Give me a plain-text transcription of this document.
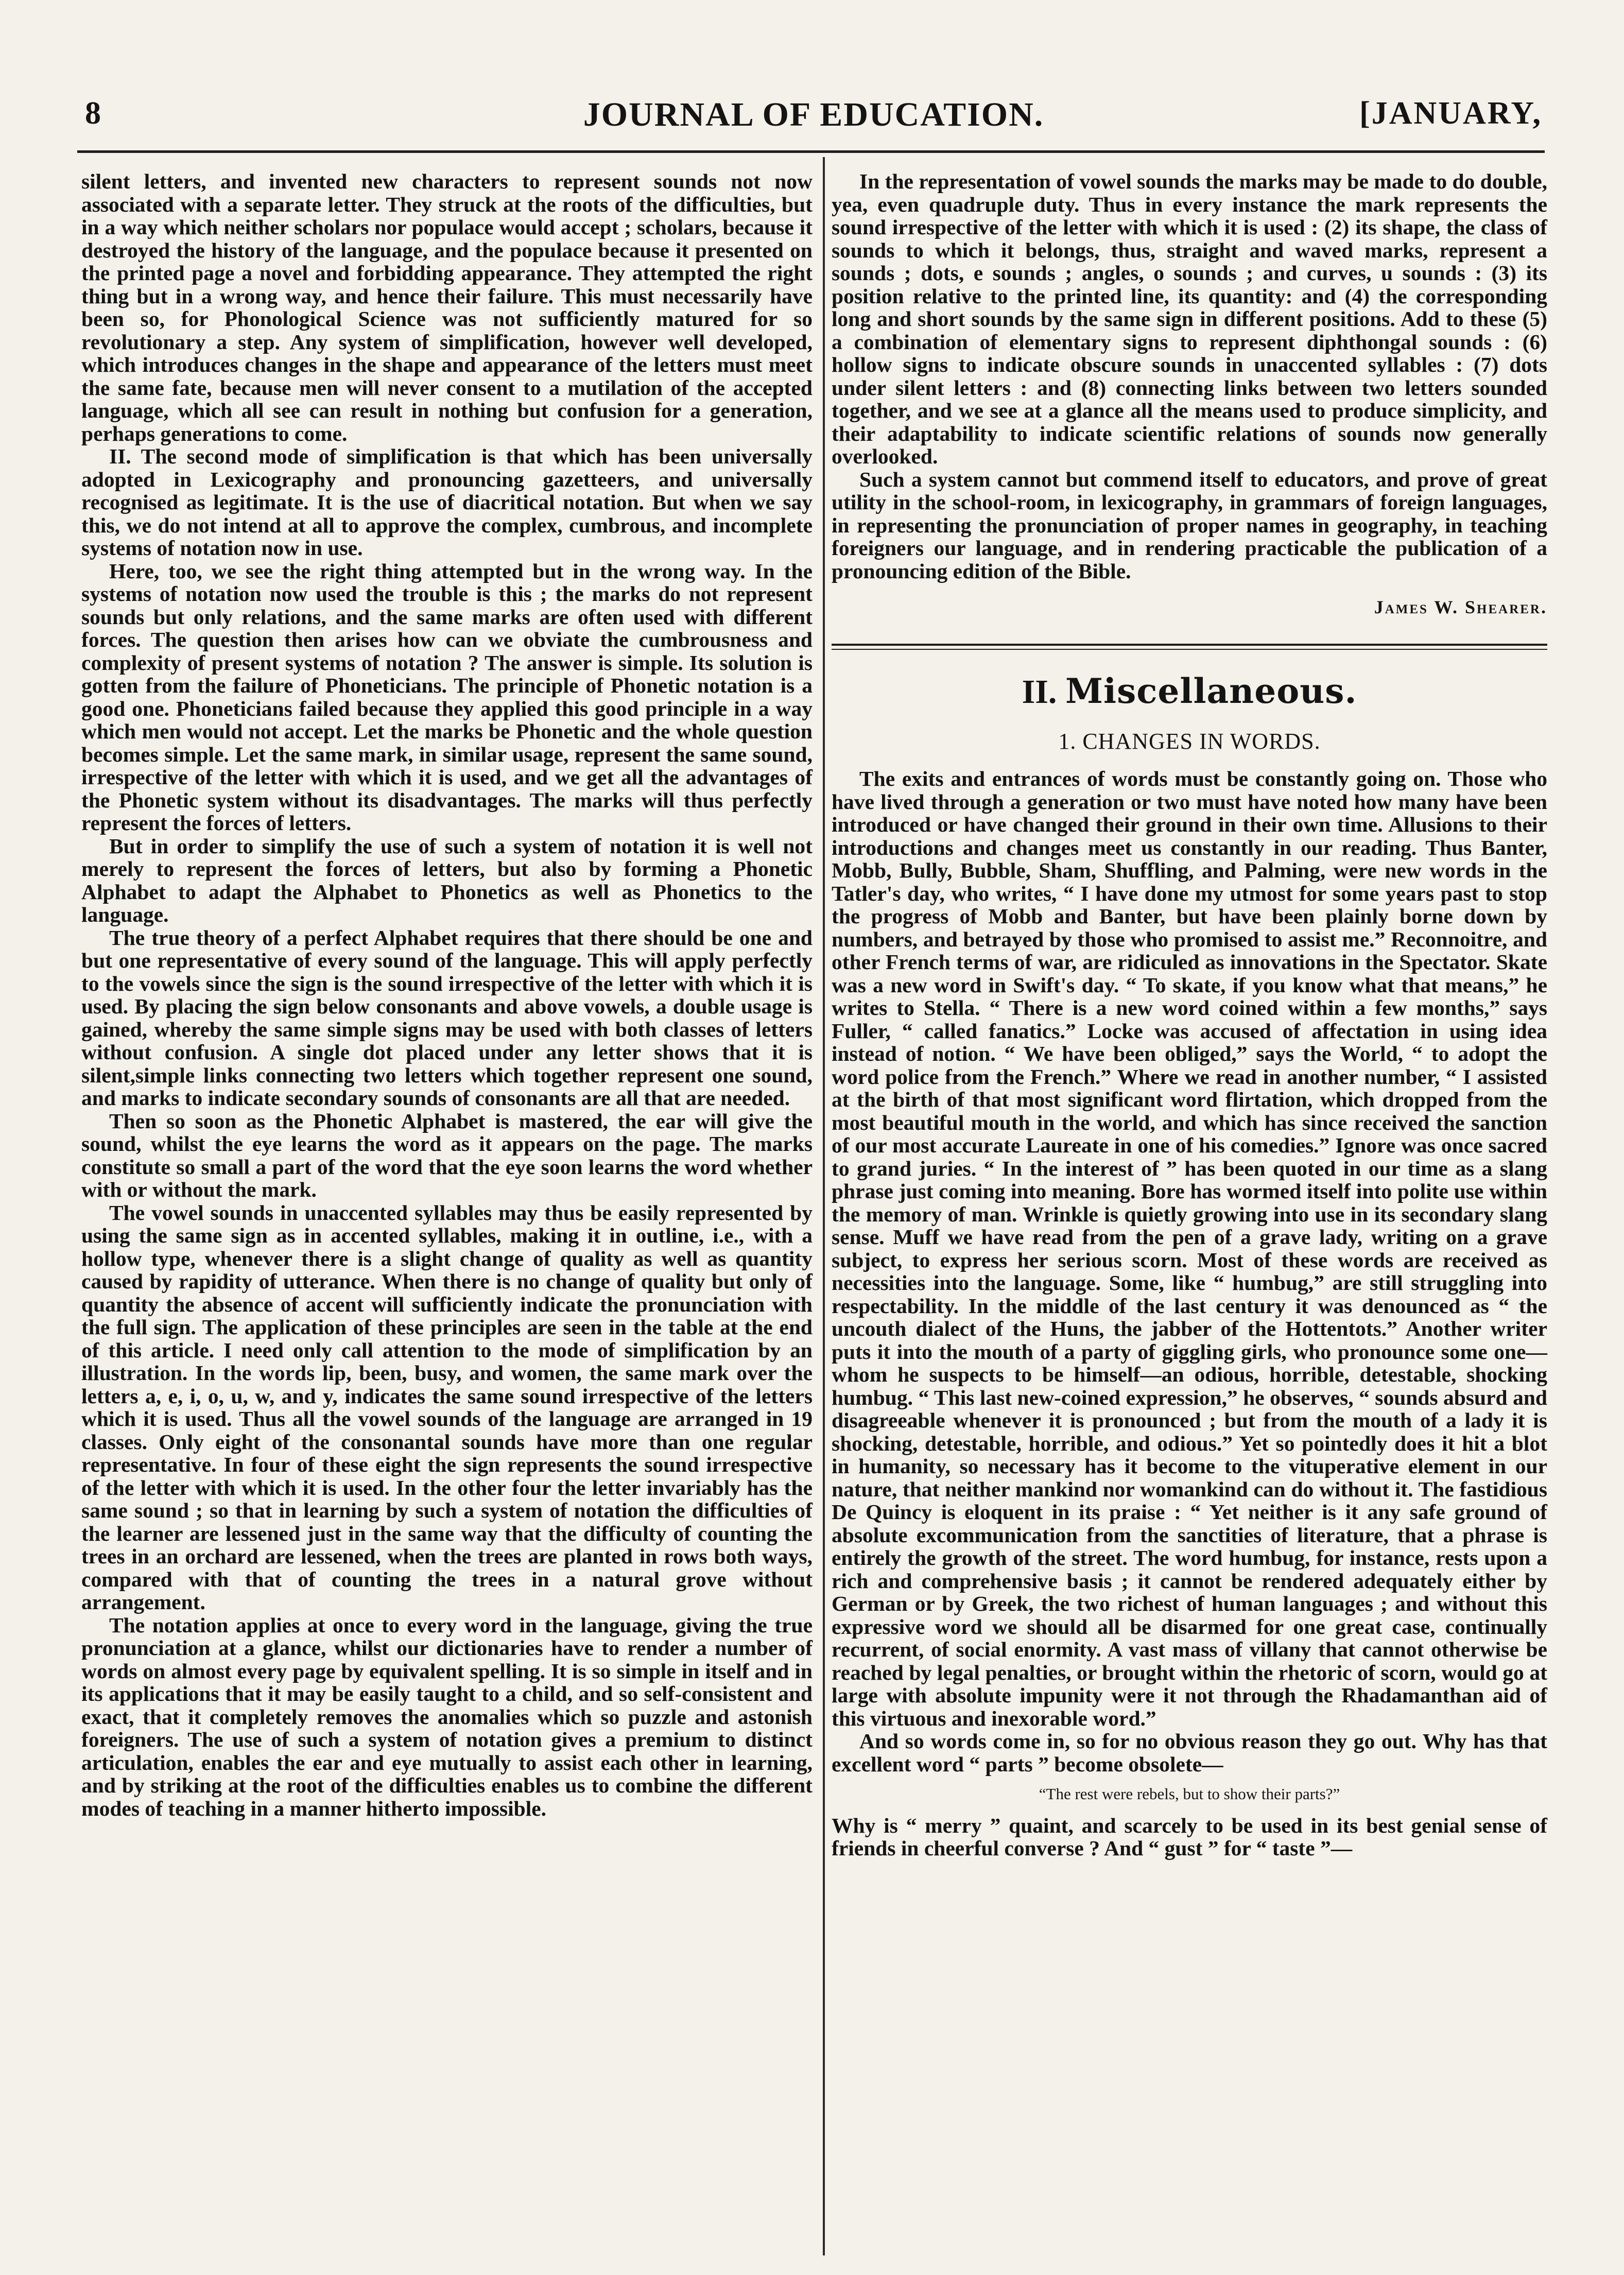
8	JOURNAL OF EDUCATION.	[JANUARY,

silent letters, and invented new characters to represent sounds not now associated with a separate letter. They struck at the roots of the difficulties, but in a way which neither scholars nor populace would accept ; scholars, because it destroyed the history of the language, and the populace because it presented on the printed page a novel and forbidding appearance. They attempted the right thing but in a wrong way, and hence their failure. This must necessarily have been so, for Phonological Science was not sufficiently matured for so revolutionary a step. Any system of simplification, however well developed, which introduces changes in the shape and appearance of the letters must meet the same fate, because men will never consent to a mutilation of the accepted language, which all see can result in nothing but confusion for a generation, perhaps generations to come.

II. The second mode of simplification is that which has been universally adopted in Lexicography and pronouncing gazetteers, and universally recognised as legitimate. It is the use of diacritical notation. But when we say this, we do not intend at all to approve the complex, cumbrous, and incomplete systems of notation now in use.

Here, too, we see the right thing attempted but in the wrong way. In the systems of notation now used the trouble is this ; the marks do not represent sounds but only relations, and the same marks are often used with different forces. The question then arises how can we obviate the cumbrousness and complexity of present systems of notation ? The answer is simple. Its solution is gotten from the failure of Phoneticians. The principle of Phonetic notation is a good one. Phoneticians failed because they applied this good principle in a way which men would not accept. Let the marks be Phonetic and the whole question becomes simple. Let the same mark, in similar usage, represent the same sound, irrespective of the letter with which it is used, and we get all the advantages of the Phonetic system without its disadvantages. The marks will thus perfectly represent the forces of letters.

But in order to simplify the use of such a system of notation it is well not merely to represent the forces of letters, but also by forming a Phonetic Alphabet to adapt the Alphabet to Phonetics as well as Phonetics to the language.

The true theory of a perfect Alphabet requires that there should be one and but one representative of every sound of the language. This will apply perfectly to the vowels since the sign is the sound irrespective of the letter with which it is used. By placing the sign below consonants and above vowels, a double usage is gained, whereby the same simple signs may be used with both classes of letters without confusion. A single dot placed under any letter shows that it is silent,simple links connecting two letters which together represent one sound, and marks to indicate secondary sounds of consonants are all that are needed.

Then so soon as the Phonetic Alphabet is mastered, the ear will give the sound, whilst the eye learns the word as it appears on the page. The marks constitute so small a part of the word that the eye soon learns the word whether with or without the mark.

The vowel sounds in unaccented syllables may thus be easily represented by using the same sign as in accented syllables, making it in outline, i.e., with a hollow type, whenever there is a slight change of quality as well as quantity caused by rapidity of utterance. When there is no change of quality but only of quantity the absence of accent will sufficiently indicate the pronunciation with the full sign. The application of these principles are seen in the table at the end of this article. I need only call attention to the mode of simplification by an illustration. In the words lip, been, busy, and women, the same mark over the letters a, e, i, o, u, w, and y, indicates the same sound irrespective of the letters which it is used. Thus all the vowel sounds of the language are arranged in 19 classes. Only eight of the consonantal sounds have more than one regular representative. In four of these eight the sign represents the sound irrespective of the letter with which it is used. In the other four the letter invariably has the same sound ; so that in learning by such a system of notation the difficulties of the learner are lessened just in the same way that the difficulty of counting the trees in an orchard are lessened, when the trees are planted in rows both ways, compared with that of counting the trees in a natural grove without arrangement.

The notation applies at once to every word in the language, giving the true pronunciation at a glance, whilst our dictionaries have to render a number of words on almost every page by equivalent spelling. It is so simple in itself and in its applications that it may be easily taught to a child, and so self-consistent and exact, that it completely removes the anomalies which so puzzle and astonish foreigners. The use of such a system of notation gives a premium to distinct articulation, enables the ear and eye mutually to assist each other in learning, and by striking at the root of the difficulties enables us to combine the different modes of teaching in a manner hitherto impossible.

In the representation of vowel sounds the marks may be made to do double, yea, even quadruple duty. Thus in every instance the mark represents the sound irrespective of the letter with which it is used : (2) its shape, the class of sounds to which it belongs, thus, straight and waved marks, represent a sounds ; dots, e sounds ; angles, o sounds ; and curves, u sounds : (3) its position relative to the printed line, its quantity: and (4) the corresponding long and short sounds by the same sign in different positions. Add to these (5) a combination of elementary signs to represent diphthongal sounds : (6) hollow signs to indicate obscure sounds in unaccented syllables : (7) dots under silent letters : and (8) connecting links between two letters sounded together, and we see at a glance all the means used to produce simplicity, and their adaptability to indicate scientific relations of sounds now generally overlooked.

Such a system cannot but commend itself to educators, and prove of great utility in the school-room, in lexicography, in grammars of foreign languages, in representing the pronunciation of proper names in geography, in teaching foreigners our language, and in rendering practicable the publication of a pronouncing edition of the Bible.

James W. Shearer.
II. Miscellaneous.
1. CHANGES IN WORDS.

The exits and entrances of words must be constantly going on. Those who have lived through a generation or two must have noted how many have been introduced or have changed their ground in their own time. Allusions to their introductions and changes meet us constantly in our reading. Thus Banter, Mobb, Bully, Bubble, Sham, Shuffling, and Palming, were new words in the Tatler's day, who writes, “ I have done my utmost for some years past to stop the progress of Mobb and Banter, but have been plainly borne down by numbers, and betrayed by those who promised to assist me.” Reconnoitre, and other French terms of war, are ridiculed as innovations in the Spectator. Skate was a new word in Swift's day. “ To skate, if you know what that means,” he writes to Stella. “ There is a new word coined within a few months,” says Fuller, “ called fanatics.” Locke was accused of affectation in using idea instead of notion. “ We have been obliged,” says the World, “ to adopt the word police from the French.” Where we read in another number, “ I assisted at the birth of that most significant word flirtation, which dropped from the most beautiful mouth in the world, and which has since received the sanction of our most accurate Laureate in one of his comedies.” Ignore was once sacred to grand juries. “ In the interest of ” has been quoted in our time as a slang phrase just coming into meaning. Bore has wormed itself into polite use within the memory of man. Wrinkle is quietly growing into use in its secondary slang sense. Muff we have read from the pen of a grave lady, writing on a grave subject, to express her serious scorn. Most of these words are received as necessities into the language. Some, like “ humbug,” are still struggling into respectability. In the middle of the last century it was denounced as “ the uncouth dialect of the Huns, the jabber of the Hottentots.” Another writer puts it into the mouth of a party of giggling girls, who pronounce some one—whom he suspects to be himself—an odious, horrible, detestable, shocking humbug. “ This last new-coined expression,” he observes, “ sounds absurd and disagreeable whenever it is pronounced ; but from the mouth of a lady it is shocking, detestable, horrible, and odious.” Yet so pointedly does it hit a blot in humanity, so necessary has it become to the vituperative element in our nature, that neither mankind nor womankind can do without it. The fastidious De Quincy is eloquent in its praise : “ Yet neither is it any safe ground of absolute excommunication from the sanctities of literature, that a phrase is entirely the growth of the street. The word humbug, for instance, rests upon a rich and comprehensive basis ; it cannot be rendered adequately either by German or by Greek, the two richest of human languages ; and without this expressive word we should all be disarmed for one great case, continually recurrent, of social enormity. A vast mass of villany that cannot otherwise be reached by legal penalties, or brought within the rhetoric of scorn, would go at large with absolute impunity were it not through the Rhadamanthan aid of this virtuous and inexorable word.”

And so words come in, so for no obvious reason they go out. Why has that excellent word “ parts ” become obsolete—

“The rest were rebels, but to show their parts?”

Why is “ merry ” quaint, and scarcely to be used in its best genial sense of friends in cheerful converse ? And “ gust ” for “ taste ”—
